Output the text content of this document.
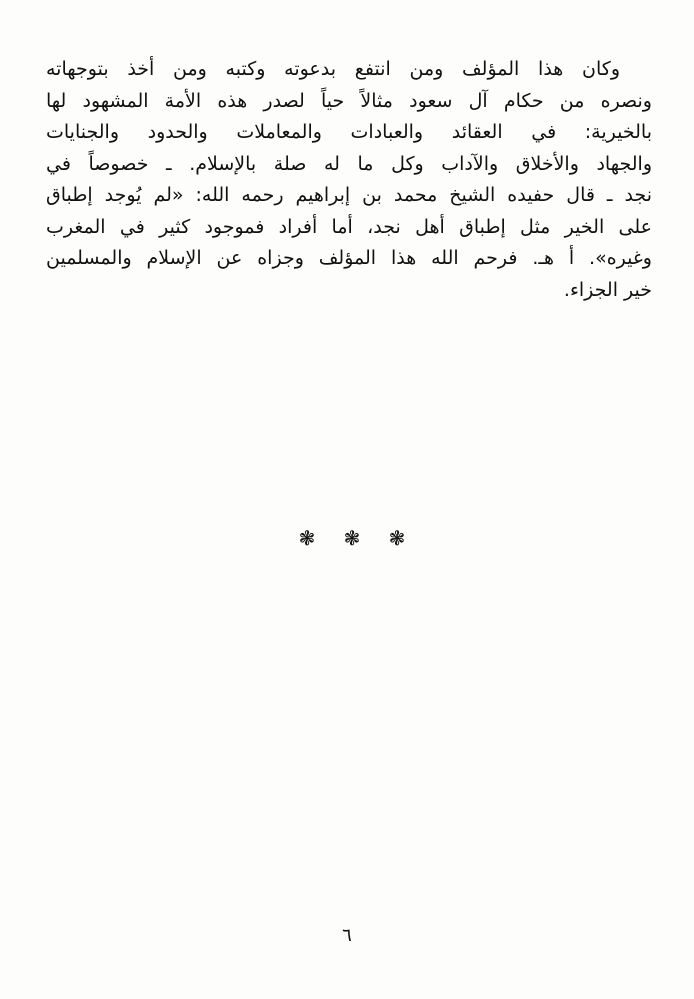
وكان هذا المؤلف ومن انتفع بدعوته وكتبه ومن أخذ بتوجهاته
ونصره من حكام آل سعود مثالاً حياً لصدر هذه الأمة المشهود لها
بالخيرية: في العقائد والعبادات والمعاملات والحدود والجنايات
والجهاد والأخلاق والآداب وكل ما له صلة بالإسلام. ـ خصوصاً في
نجد ـ قال حفيده الشيخ محمد بن إبراهيم رحمه الله: «لم يُوجد إطباق
على الخير مثل إطباق أهل نجد، أما أفراد فموجود كثير في المغرب
وغيره». أ هـ. فرحم الله هذا المؤلف وجزاه عن الإسلام والمسلمين
خير الجزاء.
❃ ❃ ❃
٦
